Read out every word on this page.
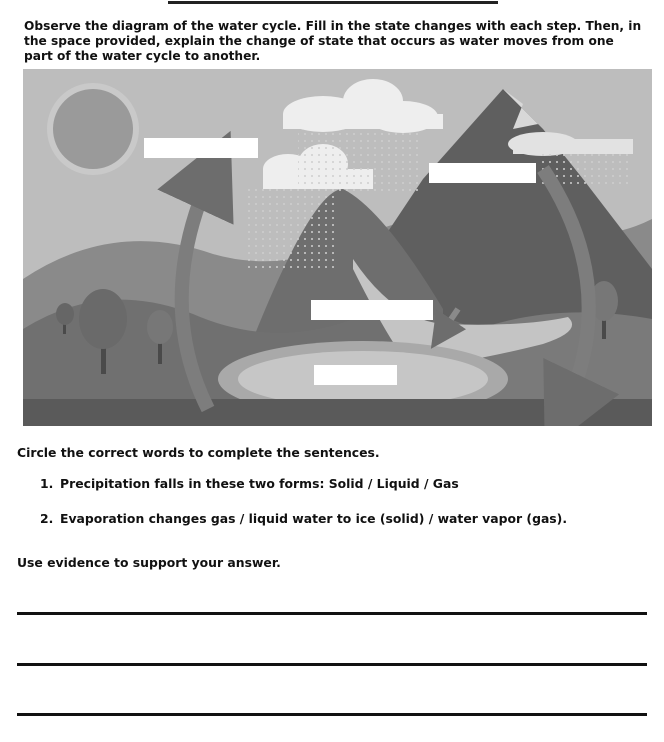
Observe the diagram of the water cycle. Fill in the state changes with each step. Then, in the space provided, explain the change of state that occurs as water moves from one part of the water cycle to another.
Circle the correct words to complete the sentences.
1. Precipitation falls in these two forms: Solid / Liquid / Gas
2. Evaporation changes gas / liquid water to ice (solid) / water vapor (gas).
Use evidence to support your answer.
